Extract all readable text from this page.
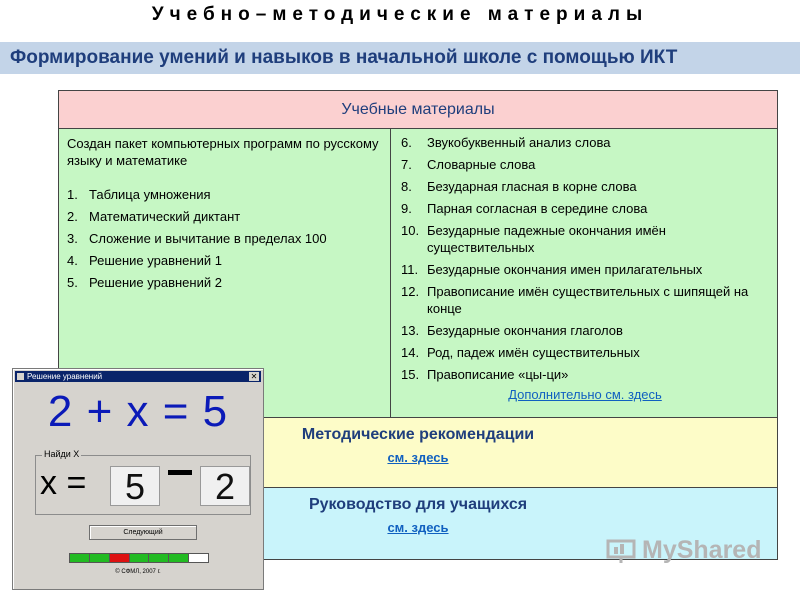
Учебно–методические материалы
Формирование умений и навыков в начальной школе с помощью ИКТ
Учебные материалы
Создан пакет компьютерных программ по русскому языку и математике
1. Таблица умножения
2. Математический диктант
3. Сложение и вычитание в пределах 100
4. Решение уравнений 1
5. Решение уравнений 2
6.	Звукобуквенный анализ слова
7.	Словарные слова
8.	Безударная гласная в корне слова
9.	Парная согласная в середине слова
10. Безударные падежные окончания имён существительных
11. Безударные окончания имен прилагательных
12. Правописание имён существительных с шипящей на конце
13. Безударные окончания глаголов
14. Род, падеж имён существительных
15. Правописание «цы-ци»
Дополнительно см. здесь
Методические рекомендации
см. здесь
Руководство для учащихся
см. здесь
Решение уравнений	✕
2 + x = 5
Найди Х
x =	5	2
Следующий
© СФМЛ, 2007 г.
MyShared
